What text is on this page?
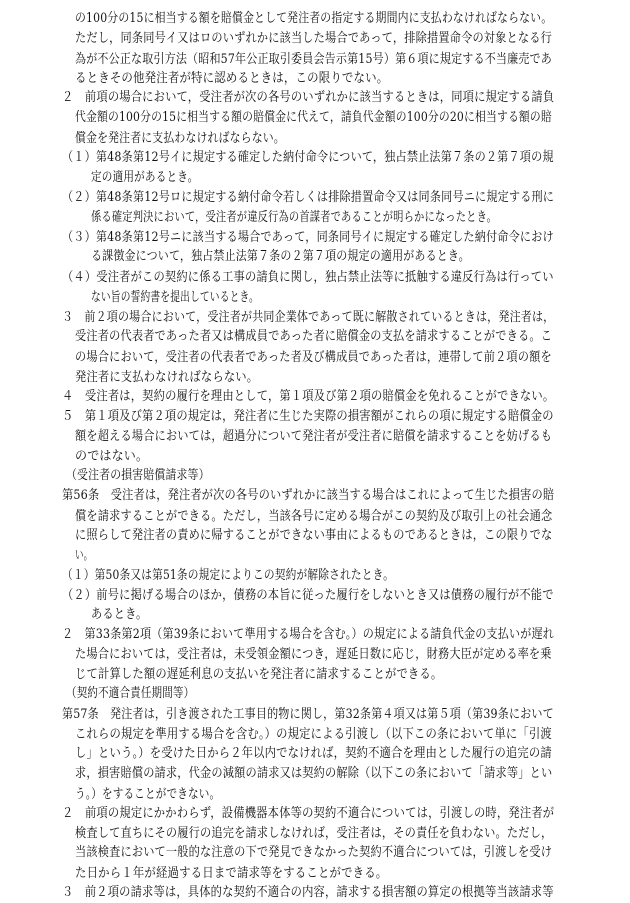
の100分の15に相当する額を賠償金として発注者の指定する期間内に支払わなければならない。
ただし，同条同号イ又はロのいずれかに該当した場合であって，排除措置命令の対象となる行
為が不公正な取引方法（昭和57年公正取引委員会告示第15号）第６項に規定する不当廉売であ
るときその他発注者が特に認めるときは，この限りでない。
２　前項の場合において，受注者が次の各号のいずれかに該当するときは，同項に規定する請負
代金額の100分の15に相当する額の賠償金に代えて，請負代金額の100分の20に相当する額の賠
償金を発注者に支払わなければならない。
（１）第48条第12号イに規定する確定した納付命令について，独占禁止法第７条の２第７項の規
定の適用があるとき。
（２）第48条第12号ロに規定する納付命令若しくは排除措置命令又は同条同号ニに規定する刑に
係る確定判決において，受注者が違反行為の首謀者であることが明らかになったとき。
（３）第48条第12号ニに該当する場合であって，同条同号イに規定する確定した納付命令におけ
る課徴金について，独占禁止法第７条の２第７項の規定の適用があるとき。
（４）受注者がこの契約に係る工事の請負に関し，独占禁止法等に抵触する違反行為は行ってい
ない旨の誓約書を提出しているとき。
３　前２項の場合において，受注者が共同企業体であって既に解散されているときは，発注者は，
受注者の代表者であった者又は構成員であった者に賠償金の支払を請求することができる。こ
の場合において，受注者の代表者であった者及び構成員であった者は，連帯して前２項の額を
発注者に支払わなければならない。
４　受注者は，契約の履行を理由として，第１項及び第２項の賠償金を免れることができない。
５　第１項及び第２項の規定は，発注者に生じた実際の損害額がこれらの項に規定する賠償金の
額を超える場合においては，超過分について発注者が受注者に賠償を請求することを妨げるも
のではない。
（受注者の損害賠償請求等）
第56条　受注者は，発注者が次の各号のいずれかに該当する場合はこれによって生じた損害の賠
償を請求することができる。ただし，当該各号に定める場合がこの契約及び取引上の社会通念
に照らして発注者の責めに帰することができない事由によるものであるときは，この限りでな
い。
（１）第50条又は第51条の規定によりこの契約が解除されたとき。
（２）前号に掲げる場合のほか，債務の本旨に従った履行をしないとき又は債務の履行が不能で
あるとき。
２　第33条第2項（第39条において準用する場合を含む。）の規定による請負代金の支払いが遅れ
た場合においては，受注者は，未受領金額につき，遅延日数に応じ，財務大臣が定める率を乗
じて計算した額の遅延利息の支払いを発注者に請求することができる。
（契約不適合責任期間等）
第57条　発注者は，引き渡された工事目的物に関し，第32条第４項又は第５項（第39条において
これらの規定を準用する場合を含む。）の規定による引渡し（以下この条において単に「引渡
し」という。）を受けた日から２年以内でなければ，契約不適合を理由とした履行の追完の請
求，損害賠償の請求，代金の減額の請求又は契約の解除（以下この条において「請求等」とい
う。）をすることができない。
２　前項の規定にかかわらず，設備機器本体等の契約不適合については，引渡しの時，発注者が
検査して直ちにその履行の追完を請求しなければ，受注者は，その責任を負わない。ただし，
当該検査において一般的な注意の下で発見できなかった契約不適合については，引渡しを受け
た日から１年が経過する日まで請求等をすることができる。
３　前２項の請求等は，具体的な契約不適合の内容，請求する損害額の算定の根拠等当該請求等
